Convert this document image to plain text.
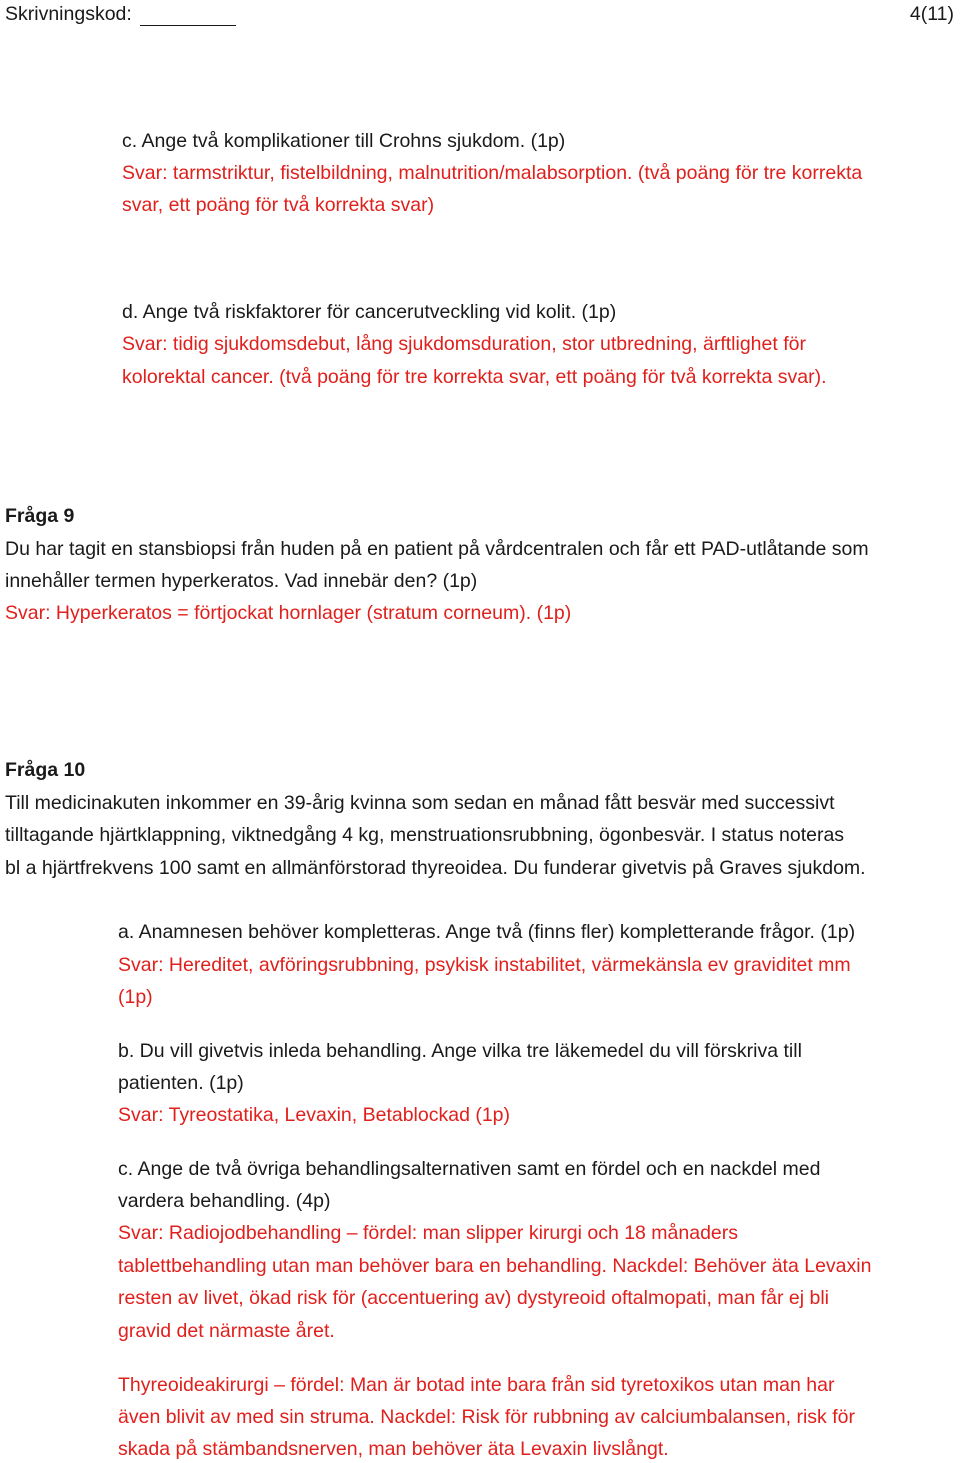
Skrivningskod:	4(11)
c. Ange två komplikationer till Crohns sjukdom. (1p)
Svar: tarmstriktur, fistelbildning, malnutrition/malabsorption. (två poäng för tre korrekta
svar, ett poäng för två korrekta svar)
d. Ange två riskfaktorer för cancerutveckling vid kolit. (1p)
Svar: tidig sjukdomsdebut, lång sjukdomsduration, stor utbredning, ärftlighet för
kolorektal cancer. (två poäng för tre korrekta svar, ett poäng för två korrekta svar).
Fråga 9
Du har tagit en stansbiopsi från huden på en patient på vårdcentralen och får ett PAD-utlåtande som
innehåller termen hyperkeratos. Vad innebär den? (1p)
Svar: Hyperkeratos = förtjockat hornlager (stratum corneum). (1p)
Fråga 10
Till medicinakuten inkommer en 39-årig kvinna som sedan en månad fått besvär med successivt
tilltagande hjärtklappning, viktnedgång 4 kg, menstruationsrubbning, ögonbesvär. I status noteras
bl a hjärtfrekvens 100 samt en allmänförstorad thyreoidea. Du funderar givetvis på Graves sjukdom.
a. Anamnesen behöver kompletteras. Ange två (finns fler) kompletterande frågor. (1p)
Svar: Hereditet, avföringsrubbning, psykisk instabilitet, värmekänsla ev graviditet mm
(1p)
b. Du vill givetvis inleda behandling. Ange vilka tre läkemedel du vill förskriva till
patienten. (1p)
Svar: Tyreostatika, Levaxin, Betablockad (1p)
c. Ange de två övriga behandlingsalternativen samt en fördel och en nackdel med
vardera behandling. (4p)
Svar: Radiojodbehandling – fördel: man slipper kirurgi och 18 månaders
tablettbehandling utan man behöver bara en behandling. Nackdel: Behöver äta Levaxin
resten av livet, ökad risk för (accentuering av) dystyreoid oftalmopati, man får ej bli
gravid det närmaste året.
Thyreoideakirurgi – fördel: Man är botad inte bara från sid tyretoxikos utan man har
även blivit av med sin struma. Nackdel: Risk för rubbning av calciumbalansen, risk för
skada på stämbandsnerven, man behöver äta Levaxin livslångt.
